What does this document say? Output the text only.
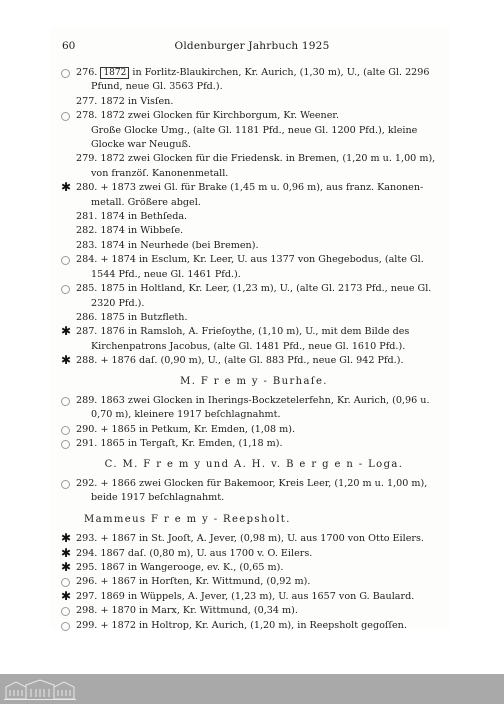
60	Oldenburger Jahrbuch 1925
276. 1872 in Forlitz-Blaukirchen, Kr. Aurich, (1,30 m), U., (alte Gl. 2296
Pfund, neue Gl. 3563 Pfd.).
277. 1872 in Visſen.
278. 1872 zwei Glocken für Kirchborgum, Kr. Weener.
Große Glocke Umg., (alte Gl. 1181 Pfd., neue Gl. 1200 Pfd.), kleine
Glocke war Neuguß.
279. 1872 zwei Glocken für die Friedensk. in Bremen, (1,20 m u. 1,00 m),
von franzöſ. Kanonenmetall.
✱ 280. + 1873 zwei Gl. für Brake (1,45 m u. 0,96 m), aus franz. Kanonen-
metall. Größere abgel.
281. 1874 in Bethſeda.
282. 1874 in Wibbeſe.
283. 1874 in Neurhede (bei Bremen).
284. + 1874 in Esclum, Kr. Leer, U. aus 1377 von Ghegebodus, (alte Gl.
1544 Pfd., neue Gl. 1461 Pfd.).
285. 1875 in Holtland, Kr. Leer, (1,23 m), U., (alte Gl. 2173 Pfd., neue Gl.
2320 Pfd.).
286. 1875 in Butzfleth.
✱ 287. 1876 in Ramsloh, A. Frieſoythe, (1,10 m), U., mit dem Bilde des
Kirchenpatrons Jacobus, (alte Gl. 1481 Pfd., neue Gl. 1610 Pfd.).
✱ 288. + 1876 daſ. (0,90 m), U., (alte Gl. 883 Pfd., neue Gl. 942 Pfd.).
M. F r e m y - Burhaſe.
289. 1863 zwei Glocken in Iherings-Bockzetelerfehn, Kr. Aurich, (0,96 u.
0,70 m), kleinere 1917 beſchlagnahmt.
290. + 1865 in Petkum, Kr. Emden, (1,08 m).
291. 1865 in Tergaſt, Kr. Emden, (1,18 m).
C. M. F r e m y und A. H. v. B e r g e n - Loga.
292. + 1866 zwei Glocken für Bakemoor, Kreis Leer, (1,20 m u. 1,00 m),
beide 1917 beſchlagnahmt.
Mammeus F r e m y - Reepsholt.
✱ 293. + 1867 in St. Jooſt, A. Jever, (0,98 m), U. aus 1700 von Otto Eilers.
✱ 294. 1867 daſ. (0,80 m), U. aus 1700 v. O. Eilers.
✱ 295. 1867 in Wangerooge, ev. K., (0,65 m).
296. + 1867 in Horſten, Kr. Wittmund, (0,92 m).
✱ 297. 1869 in Wüppels, A. Jever, (1,23 m), U. aus 1657 von G. Baulard.
298. + 1870 in Marx, Kr. Wittmund, (0,34 m).
299. + 1872 in Holtrop, Kr. Aurich, (1,20 m), in Reepsholt gegoſſen.
